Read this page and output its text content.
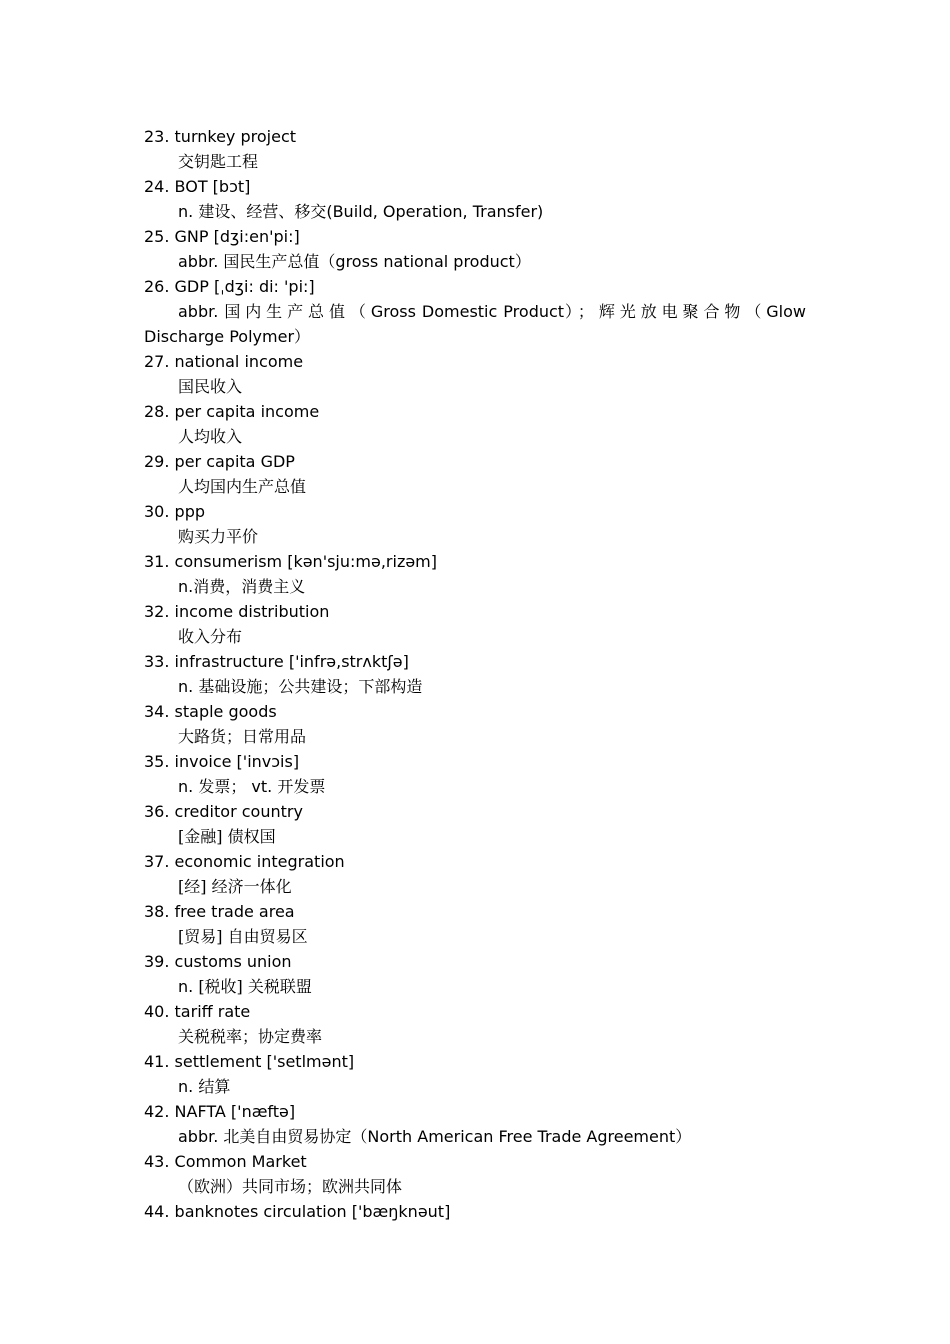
23. turnkey project
交钥匙工程
24. BOT [bɔt]
n. 建设、经营、移交(Build, Operation, Transfer)
25. GNP [dʒi:en'pi:]
abbr. 国民生产总值（gross national product）
26. GDP [ˌdʒi: di: 'pi:]
abbr. 国内生产总值（Gross Domestic Product）；辉光放电聚合物（Glow Discharge Polymer）
27. national income
国民收入
28. per capita income
人均收入
29. per capita GDP
人均国内生产总值
30. ppp
购买力平价
31. consumerism [kən'sju:mə,rizəm]
n.消费，消费主义
32. income distribution
收入分布
33. infrastructure ['infrə,strʌktʃə]
n. 基础设施；公共建设；下部构造
34. staple goods
大路货；日常用品
35. invoice ['invɔis]
n. 发票； vt. 开发票
36. creditor country
[金融] 债权国
37. economic integration
[经] 经济一体化
38. free trade area
[贸易] 自由贸易区
39. customs union
n. [税收] 关税联盟
40. tariff rate
关税税率；协定费率
41. settlement ['setlmənt]
n. 结算
42. NAFTA ['næftə]
abbr. 北美自由贸易协定（North American Free Trade Agreement）
43. Common Market
（欧洲）共同市场；欧洲共同体
44. banknotes circulation ['bæŋknəut]
